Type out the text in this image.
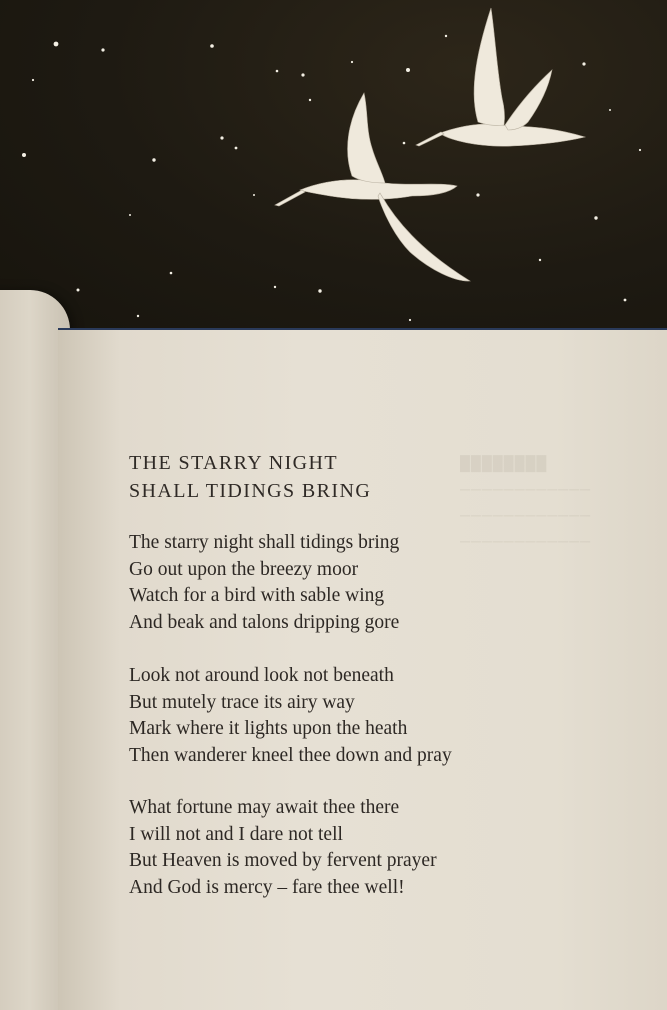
████████
────────────
────────────
────────────
THE STARRY NIGHT
SHALL TIDINGS BRING
The starry night shall tidings bring
Go out upon the breezy moor
Watch for a bird with sable wing
And beak and talons dripping gore
Look not around look not beneath
But mutely trace its airy way
Mark where it lights upon the heath
Then wanderer kneel thee down and pray
What fortune may await thee there
I will not and I dare not tell
But Heaven is moved by fervent prayer
And God is mercy – fare thee well!
